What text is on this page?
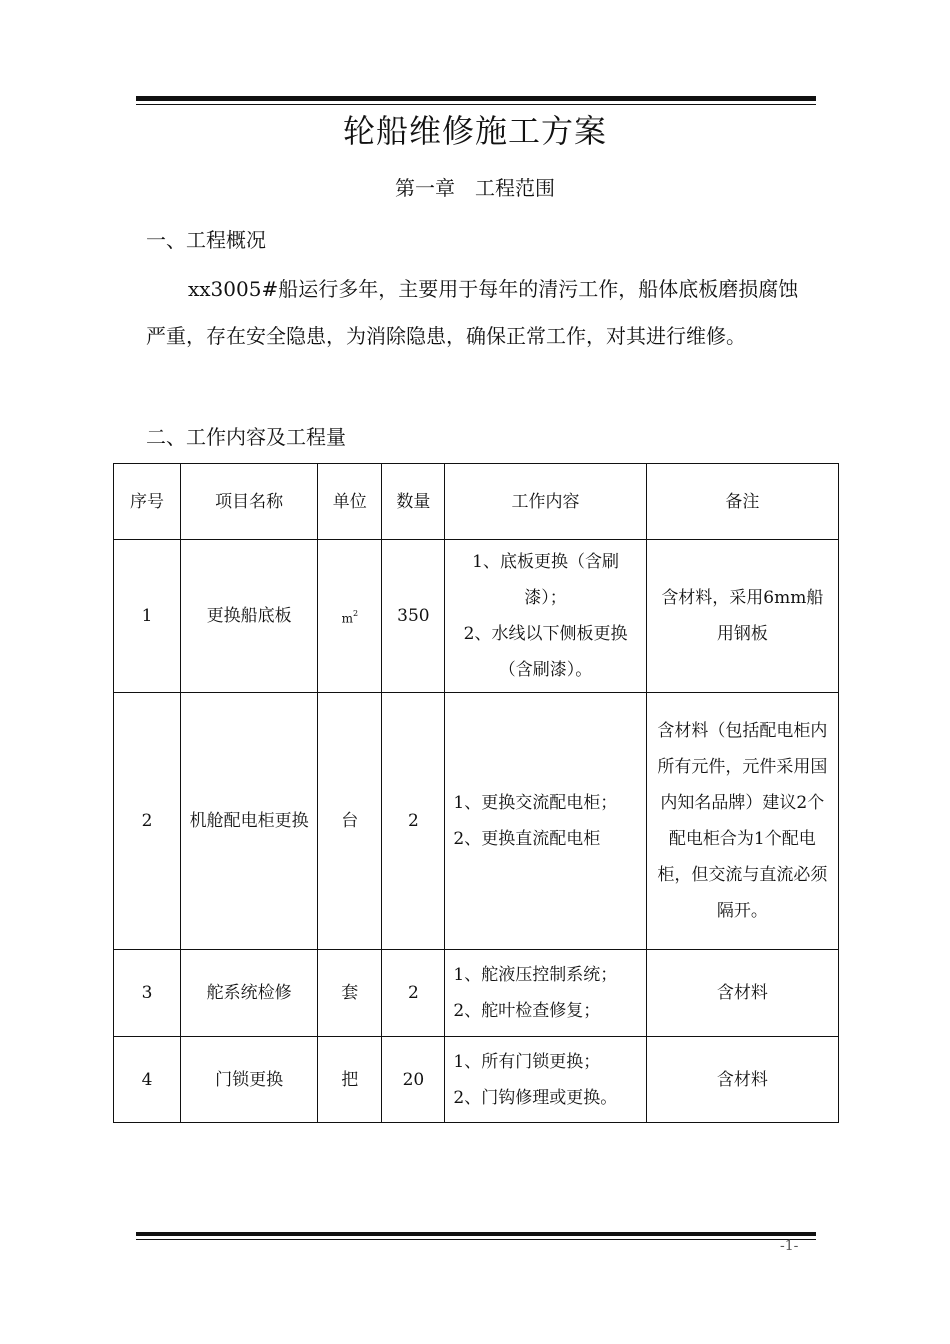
轮船维修施工方案
第一章　工程范围
一、工程概况
xx3005#船运行多年，主要用于每年的清污工作，船体底板磨损腐蚀严重，存在安全隐患，为消除隐患，确保正常工作，对其进行维修。
二、工作内容及工程量
序号	项目名称	单位	数量	工作内容	备注
1	更换船底板	$m^2$	350	1、底板更换（含刷漆）；
2、水线以下侧板更换
（含刷漆）。	含材料，采用6mm船用钢板
2	机舱配电柜更换	台	2	1、更换交流配电柜；
2、更换直流配电柜	含材料（包括配电柜内所有元件，元件采用国内知名品牌）建议2个配电柜合为1个配电柜，但交流与直流必须隔开。
3	舵系统检修	套	2	1、舵液压控制系统；
2、舵叶检查修复；	含材料
4	门锁更换	把	20	1、所有门锁更换；
2、门钩修理或更换。	含材料
-1-
